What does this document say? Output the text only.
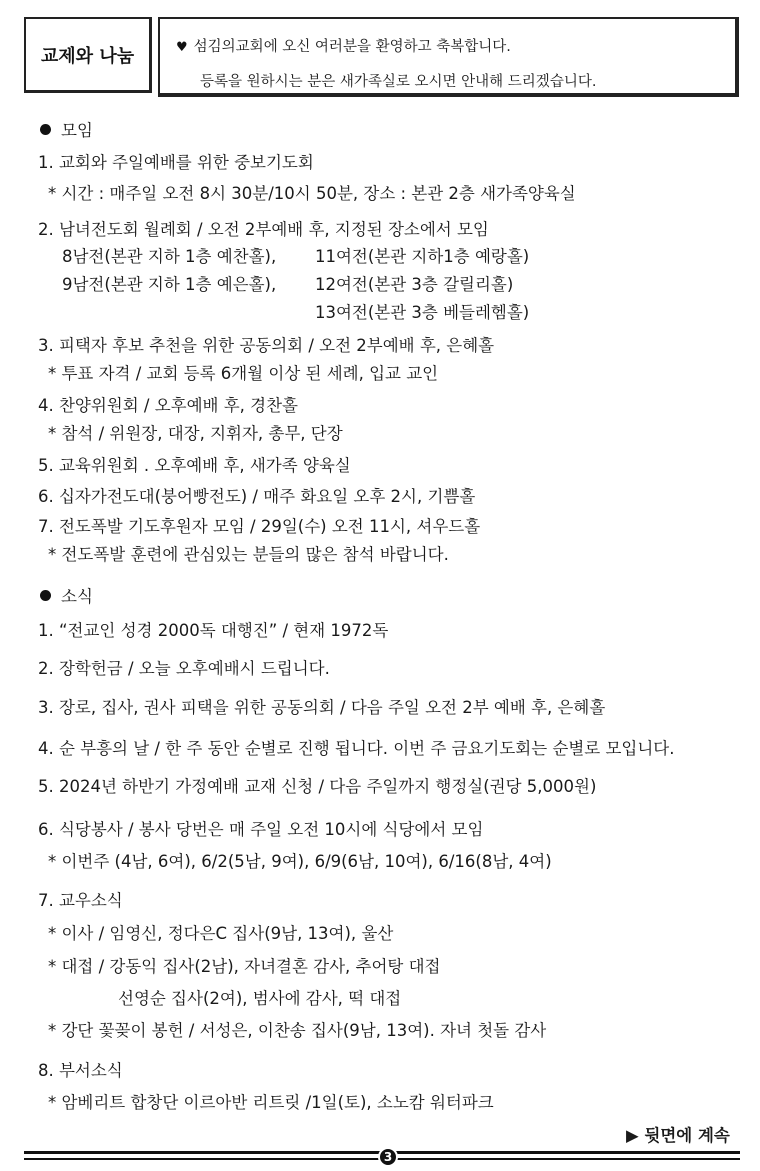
교제와 나눔	♥ 섬김의교회에 오신 여러분을 환영하고 축복합니다.
등록을 원하시는 분은 새가족실로 오시면 안내해 드리겠습니다.
모임
1. 교회와 주일예배를 위한 중보기도회
* 시간 : 매주일 오전 8시 30분/10시 50분, 장소 : 본관 2층 새가족양육실
2. 남녀전도회 월례회 / 오전 2부예배 후, 지정된 장소에서 모임
8남전(본관 지하 1층 예찬홀), 11여전(본관 지하1층 예랑홀)
9남전(본관 지하 1층 예은홀), 12여전(본관 3층 갈릴리홀)
13여전(본관 3층 베들레헴홀)
3. 피택자 후보 추천을 위한 공동의회 / 오전 2부예배 후, 은혜홀
* 투표 자격 / 교회 등록 6개월 이상 된 세례, 입교 교인
4. 찬양위원회 / 오후예배 후, 경찬홀
* 참석 / 위원장, 대장, 지휘자, 총무, 단장
5. 교육위원회 . 오후예배 후, 새가족 양육실
6. 십자가전도대(붕어빵전도) / 매주 화요일 오후 2시, 기쁨홀
7. 전도폭발 기도후원자 모임 / 29일(수) 오전 11시, 셔우드홀
* 전도폭발 훈련에 관심있는 분들의 많은 참석 바랍니다.
소식
1. “전교인 성경 2000독 대행진” / 현재 1972독
2. 장학헌금 / 오늘 오후예배시 드립니다.
3. 장로, 집사, 권사 피택을 위한 공동의회 / 다음 주일 오전 2부 예배 후, 은혜홀
4. 순 부흥의 날 / 한 주 동안 순별로 진행 됩니다. 이번 주 금요기도회는 순별로 모입니다.
5. 2024년 하반기 가정예배 교재 신청 / 다음 주일까지 행정실(권당 5,000원)
6. 식당봉사 / 봉사 당번은 매 주일 오전 10시에 식당에서 모임
* 이번주 (4남, 6여), 6/2(5남, 9여), 6/9(6남, 10여), 6/16(8남, 4여)
7. 교우소식
* 이사 / 임영신, 정다은C 집사(9남, 13여), 울산
* 대접 / 강동익 집사(2남), 자녀결혼 감사, 추어탕 대접
선영순 집사(2여), 범사에 감사, 떡 대접
* 강단 꽃꽂이 봉헌 / 서성은, 이찬송 집사(9남, 13여). 자녀 첫돌 감사
8. 부서소식
* 암베리트 합창단 이르아반 리트릿 /1일(토), 소노캄 워터파크
▶ 뒷면에 계속
3
